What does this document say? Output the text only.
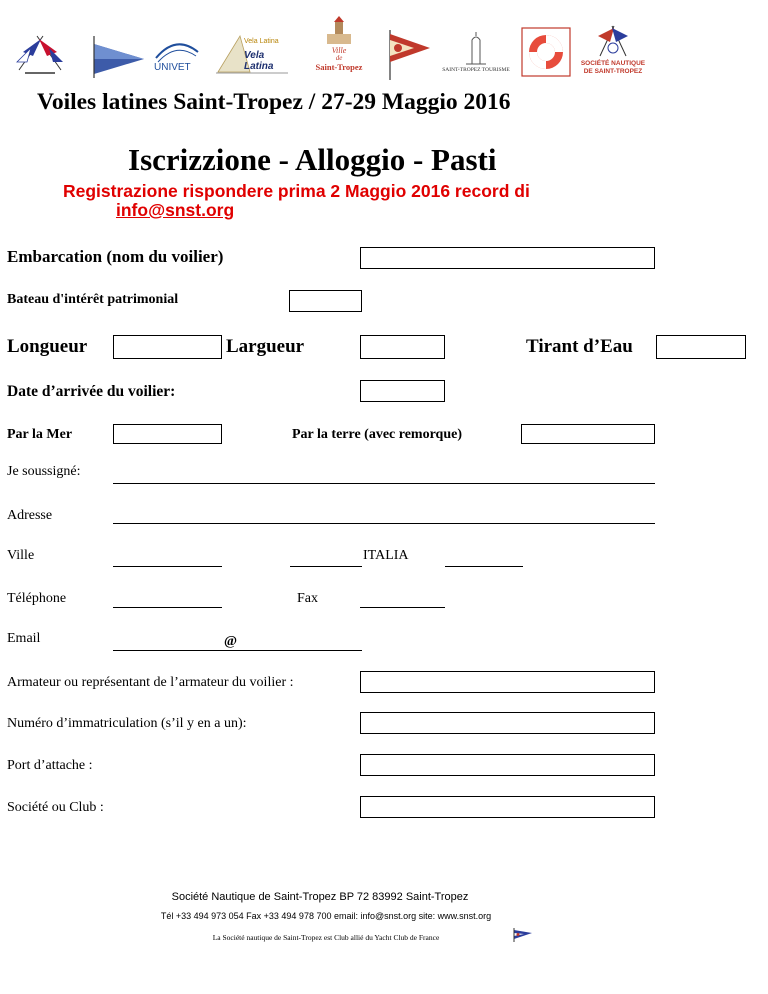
UNIVET
Vela Latina
Vela Latina
Ville
de
Saint-Tropez	SAINT-TROPEZ TOURISME
SOCIÉTÉ NAUTIQUE
DE SAINT-TROPEZ
Voiles latines Saint-Tropez / 27-29 Maggio 2016
Iscrizzione - Alloggio - Pasti
Registrazione rispondere prima 2 Maggio 2016 record di
info@snst.org
Embarcation (nom du voilier)
Bateau d'intérêt patrimonial
Longueur	Largueur	Tirant d’Eau
Date d’arrivée du voilier:
Par la Mer	Par la terre (avec remorque)
Je soussigné:
Adresse
Ville	ITALIA
Téléphone	Fax
Email	@
Armateur ou représentant de l’armateur du voilier :
Numéro d’immatriculation (s’il y en a un):
Port d’attache :
Société ou Club :
Société Nautique de Saint-Tropez BP 72 83992 Saint-Tropez
Tél +33 494 973 054 Fax +33 494 978 700 email: info@snst.org site: www.snst.org
La Société nautique de Saint-Tropez est Club allié du Yacht Club de France
